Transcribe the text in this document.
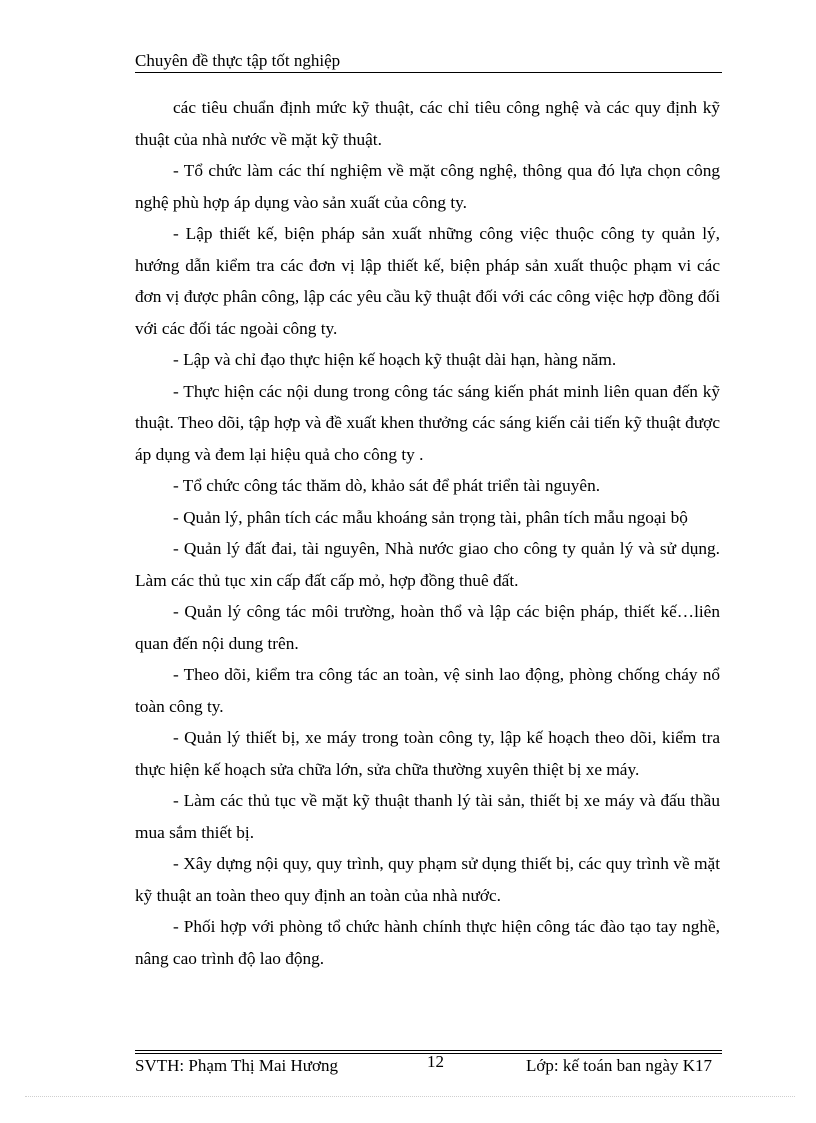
Chuyên đề thực tập tốt nghiệp

các tiêu chuẩn định mức kỹ thuật, các chỉ tiêu công nghệ và các quy định kỹ thuật của nhà nước về mặt kỹ thuật.

- Tổ chức làm các thí nghiệm về mặt công nghệ, thông qua đó lựa chọn công nghệ phù hợp áp dụng vào sản xuất của công ty.

- Lập thiết kế, biện pháp sản xuất những công việc thuộc công ty quản lý, hướng dẫn kiểm tra các đơn vị lập thiết kế, biện pháp sản xuất thuộc phạm vi các đơn vị được phân công, lập các yêu cầu kỹ thuật đối với các công việc hợp đồng đối với các đối tác ngoài công ty.

- Lập và chỉ đạo thực hiện kế hoạch kỹ thuật dài hạn, hàng năm.

- Thực hiện các nội dung trong công tác sáng kiến phát minh liên quan đến kỹ thuật. Theo dõi, tập hợp và đề xuất khen thưởng các sáng kiến cải tiến kỹ thuật được áp dụng và đem lại hiệu quả cho công ty .

- Tổ chức công tác thăm dò, khảo sát để phát triển tài nguyên.

- Quản lý, phân tích các mẫu khoáng sản trọng tài, phân tích mẫu ngoại bộ

- Quản lý đất đai, tài nguyên, Nhà nước giao cho công ty quản lý và sử dụng. Làm các thủ tục xin cấp đất cấp mỏ, hợp đồng thuê đất.

- Quản lý công tác môi trường, hoàn thổ và lập các biện pháp, thiết kế…liên quan đến nội dung trên.

- Theo dõi, kiểm tra công tác an toàn, vệ sinh lao động, phòng chống cháy nổ toàn công ty.

- Quản lý thiết bị, xe máy trong toàn công ty, lập kế hoạch theo dõi, kiểm tra thực hiện kế hoạch sửa chữa lớn, sửa chữa thường xuyên thiệt bị xe máy.

- Làm các thủ tục về mặt kỹ thuật thanh lý tài sản, thiết bị xe máy và đấu thầu mua sắm thiết bị.

- Xây dựng nội quy, quy trình, quy phạm sử dụng thiết bị, các quy trình về mặt kỹ thuật an toàn theo quy định an toàn của nhà nước.

- Phối hợp với phòng tổ chức hành chính thực hiện công tác đào tạo tay nghề, nâng cao trình độ lao động.

SVTH: Phạm Thị Mai Hương	12	Lớp: kế toán ban ngày K17
